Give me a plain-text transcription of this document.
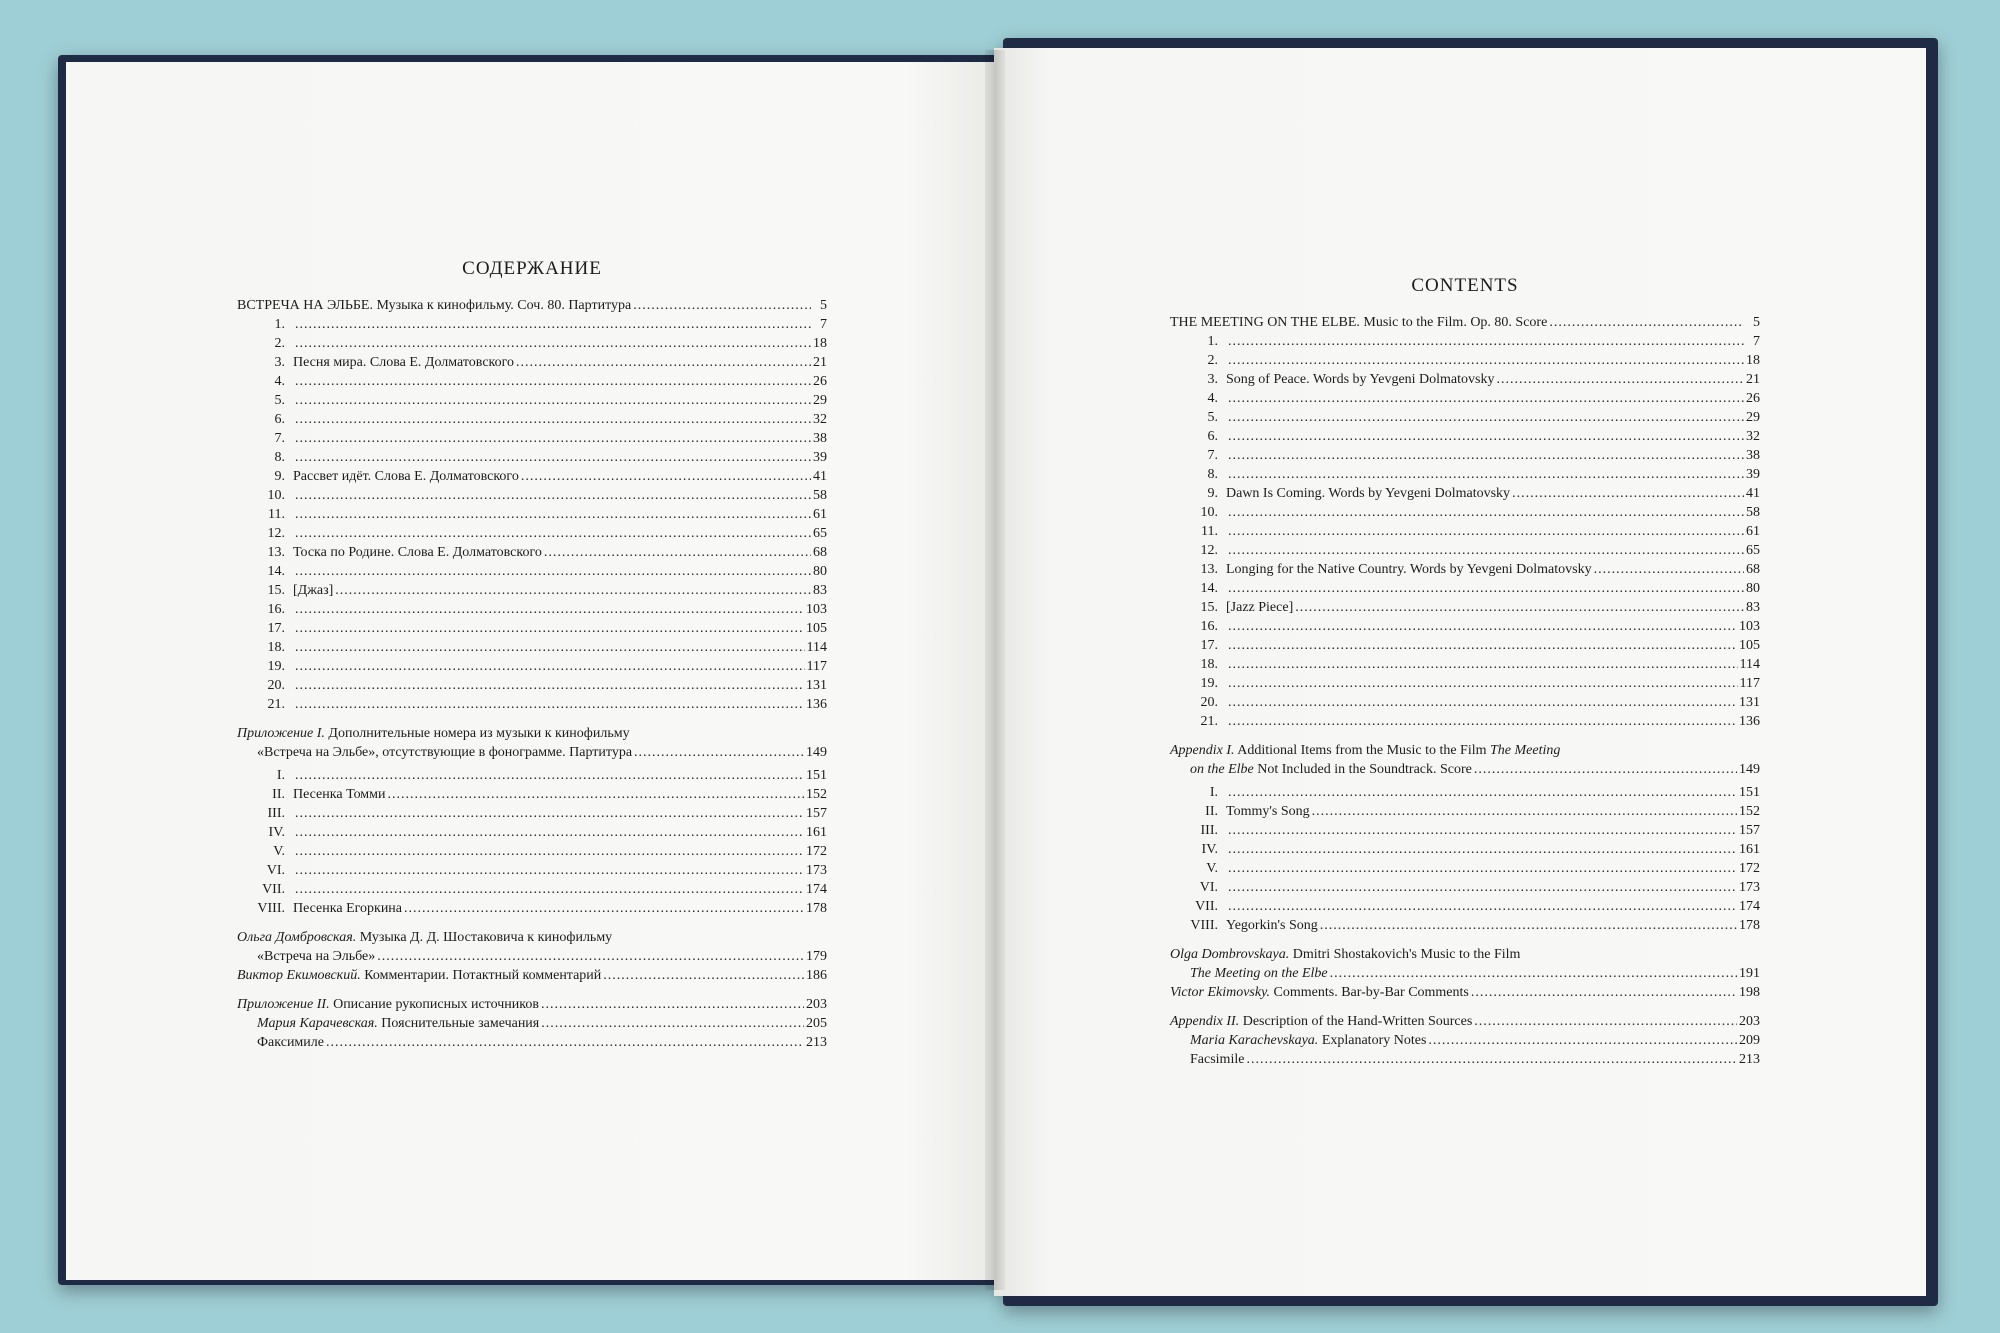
СОДЕРЖАНИЕ
ВСТРЕЧА НА ЭЛЬБЕ. Музыка к кинофильму. Соч. 80. Партитура .....	5
1. .....	7
2. .....	18
3. Песня мира. Слова Е. Долматовского .....	21
4. .....	26
5. .....	29
6. .....	32
7. .....	38
8. .....	39
9. Рассвет идёт. Слова Е. Долматовского .....	41
10. .....	58
11. .....	61
12. .....	65
13. Тоска по Родине. Слова Е. Долматовского .....	68
14. .....	80
15. [Джаз] .....	83
16. .....	103
17. .....	105
18. .....	114
19. .....	117
20. .....	131
21. .....	136
Приложение I. Дополнительные номера из музыки к кинофильму
«Встреча на Эльбе», отсутствующие в фонограмме. Партитура .....	149
I. .....	151
II. Песенка Томми .....	152
III. .....	157
IV. .....	161
V. .....	172
VI. .....	173
VII. .....	174
VIII. Песенка Егоркина .....	178
Ольга Домбровская. Музыка Д. Д. Шостаковича к кинофильму
«Встреча на Эльбе» .....	179
Виктор Екимовский. Комментарии. Потактный комментарий .....	186
Приложение II. Описание рукописных источников .....	203
Мария Карачевская. Пояснительные замечания .....	205
Факсимиле .....	213
CONTENTS
THE MEETING ON THE ELBE. Music to the Film. Op. 80. Score .....	5
1. .....	7
2. .....	18
3. Song of Peace. Words by Yevgeni Dolmatovsky .....	21
4. .....	26
5. .....	29
6. .....	32
7. .....	38
8. .....	39
9. Dawn Is Coming. Words by Yevgeni Dolmatovsky .....	41
10. .....	58
11. .....	61
12. .....	65
13. Longing for the Native Country. Words by Yevgeni Dolmatovsky .....	68
14. .....	80
15. [Jazz Piece] .....	83
16. .....	103
17. .....	105
18. .....	114
19. .....	117
20. .....	131
21. .....	136
Appendix I. Additional Items from the Music to the Film The Meeting
on the Elbe Not Included in the Soundtrack. Score .....	149
I. .....	151
II. Tommy's Song .....	152
III. .....	157
IV. .....	161
V. .....	172
VI. .....	173
VII. .....	174
VIII. Yegorkin's Song .....	178
Olga Dombrovskaya. Dmitri Shostakovich's Music to the Film
The Meeting on the Elbe .....	191
Victor Ekimovsky. Comments. Bar-by-Bar Comments .....	198
Appendix II. Description of the Hand-Written Sources .....	203
Maria Karachevskaya. Explanatory Notes .....	209
Facsimile .....	213
